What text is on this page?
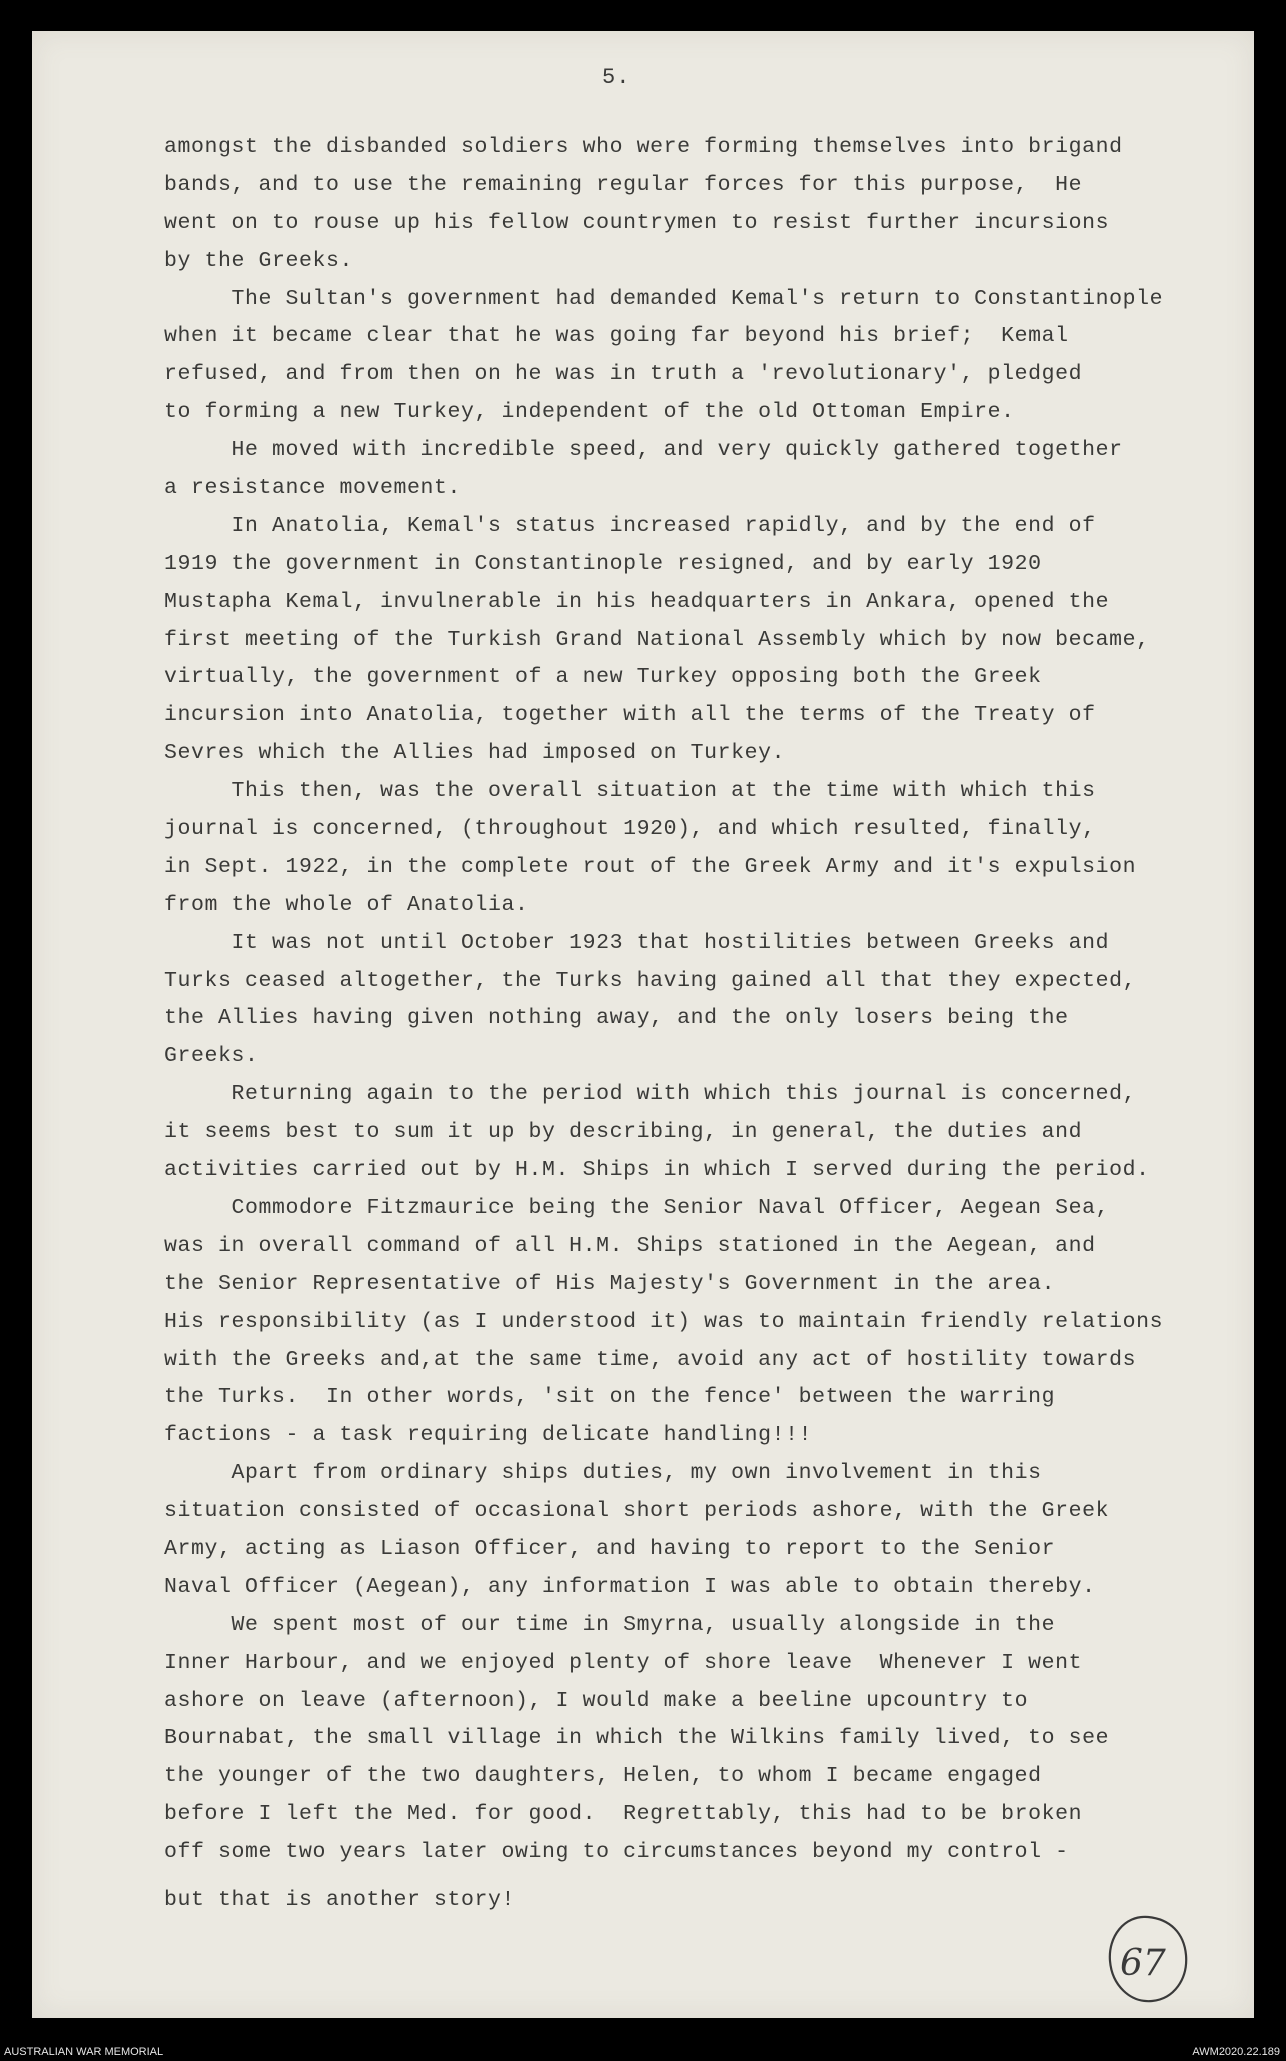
5.
amongst the disbanded soldiers who were forming themselves into brigand
bands, and to use the remaining regular forces for this purpose,  He
went on to rouse up his fellow countrymen to resist further incursions
by the Greeks.
The Sultan's government had demanded Kemal's return to Constantinople
when it became clear that he was going far beyond his brief;  Kemal
refused, and from then on he was in truth a 'revolutionary', pledged
to forming a new Turkey, independent of the old Ottoman Empire.
He moved with incredible speed, and very quickly gathered together
a resistance movement.
In Anatolia, Kemal's status increased rapidly, and by the end of
1919 the government in Constantinople resigned, and by early 1920
Mustapha Kemal, invulnerable in his headquarters in Ankara, opened the
first meeting of the Turkish Grand National Assembly which by now became,
virtually, the government of a new Turkey opposing both the Greek
incursion into Anatolia, together with all the terms of the Treaty of
Sevres which the Allies had imposed on Turkey.
This then, was the overall situation at the time with which this
journal is concerned, (throughout 1920), and which resulted, finally,
in Sept. 1922, in the complete rout of the Greek Army and it's expulsion
from the whole of Anatolia.
It was not until October 1923 that hostilities between Greeks and
Turks ceased altogether, the Turks having gained all that they expected,
the Allies having given nothing away, and the only losers being the
Greeks.
Returning again to the period with which this journal is concerned,
it seems best to sum it up by describing, in general, the duties and
activities carried out by H.M. Ships in which I served during the period.
Commodore Fitzmaurice being the Senior Naval Officer, Aegean Sea,
was in overall command of all H.M. Ships stationed in the Aegean, and
the Senior Representative of His Majesty's Government in the area.
His responsibility (as I understood it) was to maintain friendly relations
with the Greeks and,at the same time, avoid any act of hostility towards
the Turks.  In other words, 'sit on the fence' between the warring
factions - a task requiring delicate handling!!!
Apart from ordinary ships duties, my own involvement in this
situation consisted of occasional short periods ashore, with the Greek
Army, acting as Liason Officer, and having to report to the Senior
Naval Officer (Aegean), any information I was able to obtain thereby.
We spent most of our time in Smyrna, usually alongside in the
Inner Harbour, and we enjoyed plenty of shore leave  Whenever I went
ashore on leave (afternoon), I would make a beeline upcountry to
Bournabat, the small village in which the Wilkins family lived, to see
the younger of the two daughters, Helen, to whom I became engaged
before I left the Med. for good.  Regrettably, this had to be broken
off some two years later owing to circumstances beyond my control -
but that is another story!
67
AUSTRALIAN WAR MEMORIAL	AWM2020.22.189
